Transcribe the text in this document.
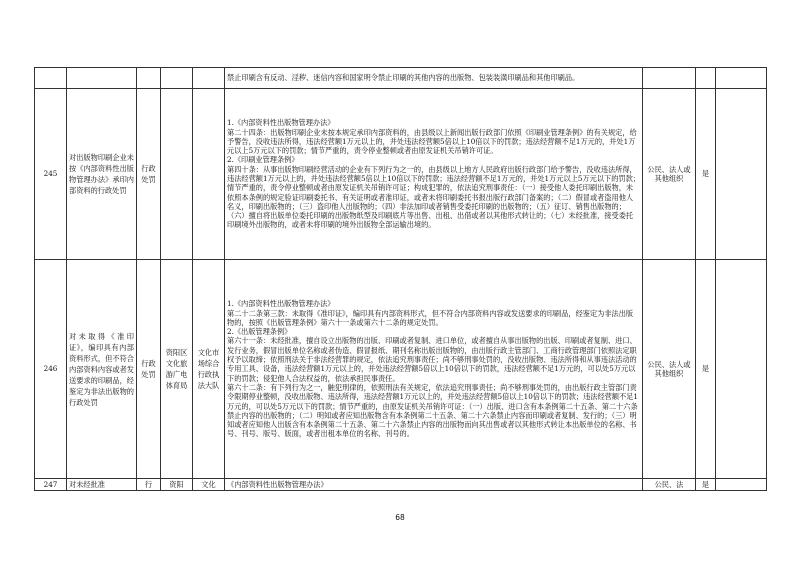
					禁止印刷含有反动、淫秽、迷信内容和国家明令禁止印刷的其他内容的出版物、包装装潢印刷品和其他印刷品。			

245	对出版物印刷企业未按《内部资料性出版物管理办法》承印内部资料的行政处罚	行政处罚			1.《内部资料性出版物管理办法》
第二十四条：出版物印刷企业未按本规定承印内部资料的，由县级以上新闻出版行政部门依照《印刷业管理条例》的有关规定，给予警告，没收违法所得，违法经营额1万元以上的，并处违法经营额5倍以上10倍以下的罚款；违法经营额不足1万元的，并处1万元以上5万元以下的罚款；情节严重的，责令停业整顿或者由原发证机关吊销许可证。
2.《印刷业管理条例》
第四十条：从事出版物印刷经营活动的企业有下列行为之一的，由县级以上地方人民政府出版行政部门给予警告，没收违法所得，违法经营额1万元以上的，并处违法经营额5倍以上10倍以下的罚款；违法经营额不足1万元的，并处1万元以上5万元以下的罚款；情节严重的，责令停业整顿或者由原发证机关吊销许可证；构成犯罪的，依法追究刑事责任：（一）接受他人委托印刷出版物，未依照本条例的规定验证印刷委托书、有关证明或者准印证，或者未将印刷委托书报出版行政部门备案的；（二）假冒或者盗用他人名义，印刷出版物的；（三）盗印他人出版物的；（四）非法加印或者销售受委托印刷的出版物的；（五）征订、销售出版物的；（六）擅自将出版单位委托印刷的出版物纸型及印刷底片等出售、出租、出借或者以其他形式转让的；（七）未经批准，接受委托印刷境外出版物的，或者未将印刷的境外出版物全部运输出境的。	公民、法人或其他组织	是	
246	对未取得《准印证》，编印具有内部资料形式，但不符合内部资料内容或者发送要求的印刷品，经鉴定为非法出版物的行政处罚	行政处罚	资阳区文化旅游广电体育局	文化市场综合行政执法大队	1.《内部资料性出版物管理办法》
第二十二条第三款：未取得《准印证》，编印具有内部资料形式，但不符合内部资料内容或发送要求的印刷品，经鉴定为非法出版物的，按照《出版管理条例》第六十一条或第六十二条的规定处罚。
2.《出版管理条例》
第六十一条：未经批准，擅自设立出版物的出版、印刷或者复制、进口单位，或者擅自从事出版物的出版、印刷或者复制、进口、发行业务，假冒出版单位名称或者伪造、假冒报纸、期刊名称出版出版物的，由出版行政主管部门、工商行政管理部门依照法定职权予以取缔；依照刑法关于非法经营罪的规定，依法追究刑事责任；尚不够刑事处罚的，没收出版物、违法所得和从事违法活动的专用工具、设备，违法经营额1万元以上的，并处违法经营额5倍以上10倍以下的罚款，违法经营额不足1万元的，可以处5万元以下的罚款；侵犯他人合法权益的，依法承担民事责任。
第六十二条：有下列行为之一，触犯刑律的，依照刑法有关规定，依法追究刑事责任；尚不够刑事处罚的，由出版行政主管部门责令限期停业整顿，没收出版物、违法所得，违法经营额1万元以上的，并处违法经营额5倍以上10倍以下的罚款；违法经营额不足1万元的，可以处5万元以下的罚款；情节严重的，由原发证机关吊销许可证：（一）出版、进口含有本条例第二十五条、第二十六条禁止内容的出版物的；（二）明知或者应知出版物含有本条例第二十五条、第二十六条禁止内容而印刷或者复制、发行的；（三）明知或者应知他人出版含有本条例第二十五条、第二十六条禁止内容的出版物而向其出售或者以其他形式转让本出版单位的名称、书号、刊号、版号、版面，或者出租本单位的名称、刊号的。	公民、法人或其他组织	是	
247	对未经批准	行	资阳	文化	《内部资料性出版物管理办法》	公民、法	是	
68
